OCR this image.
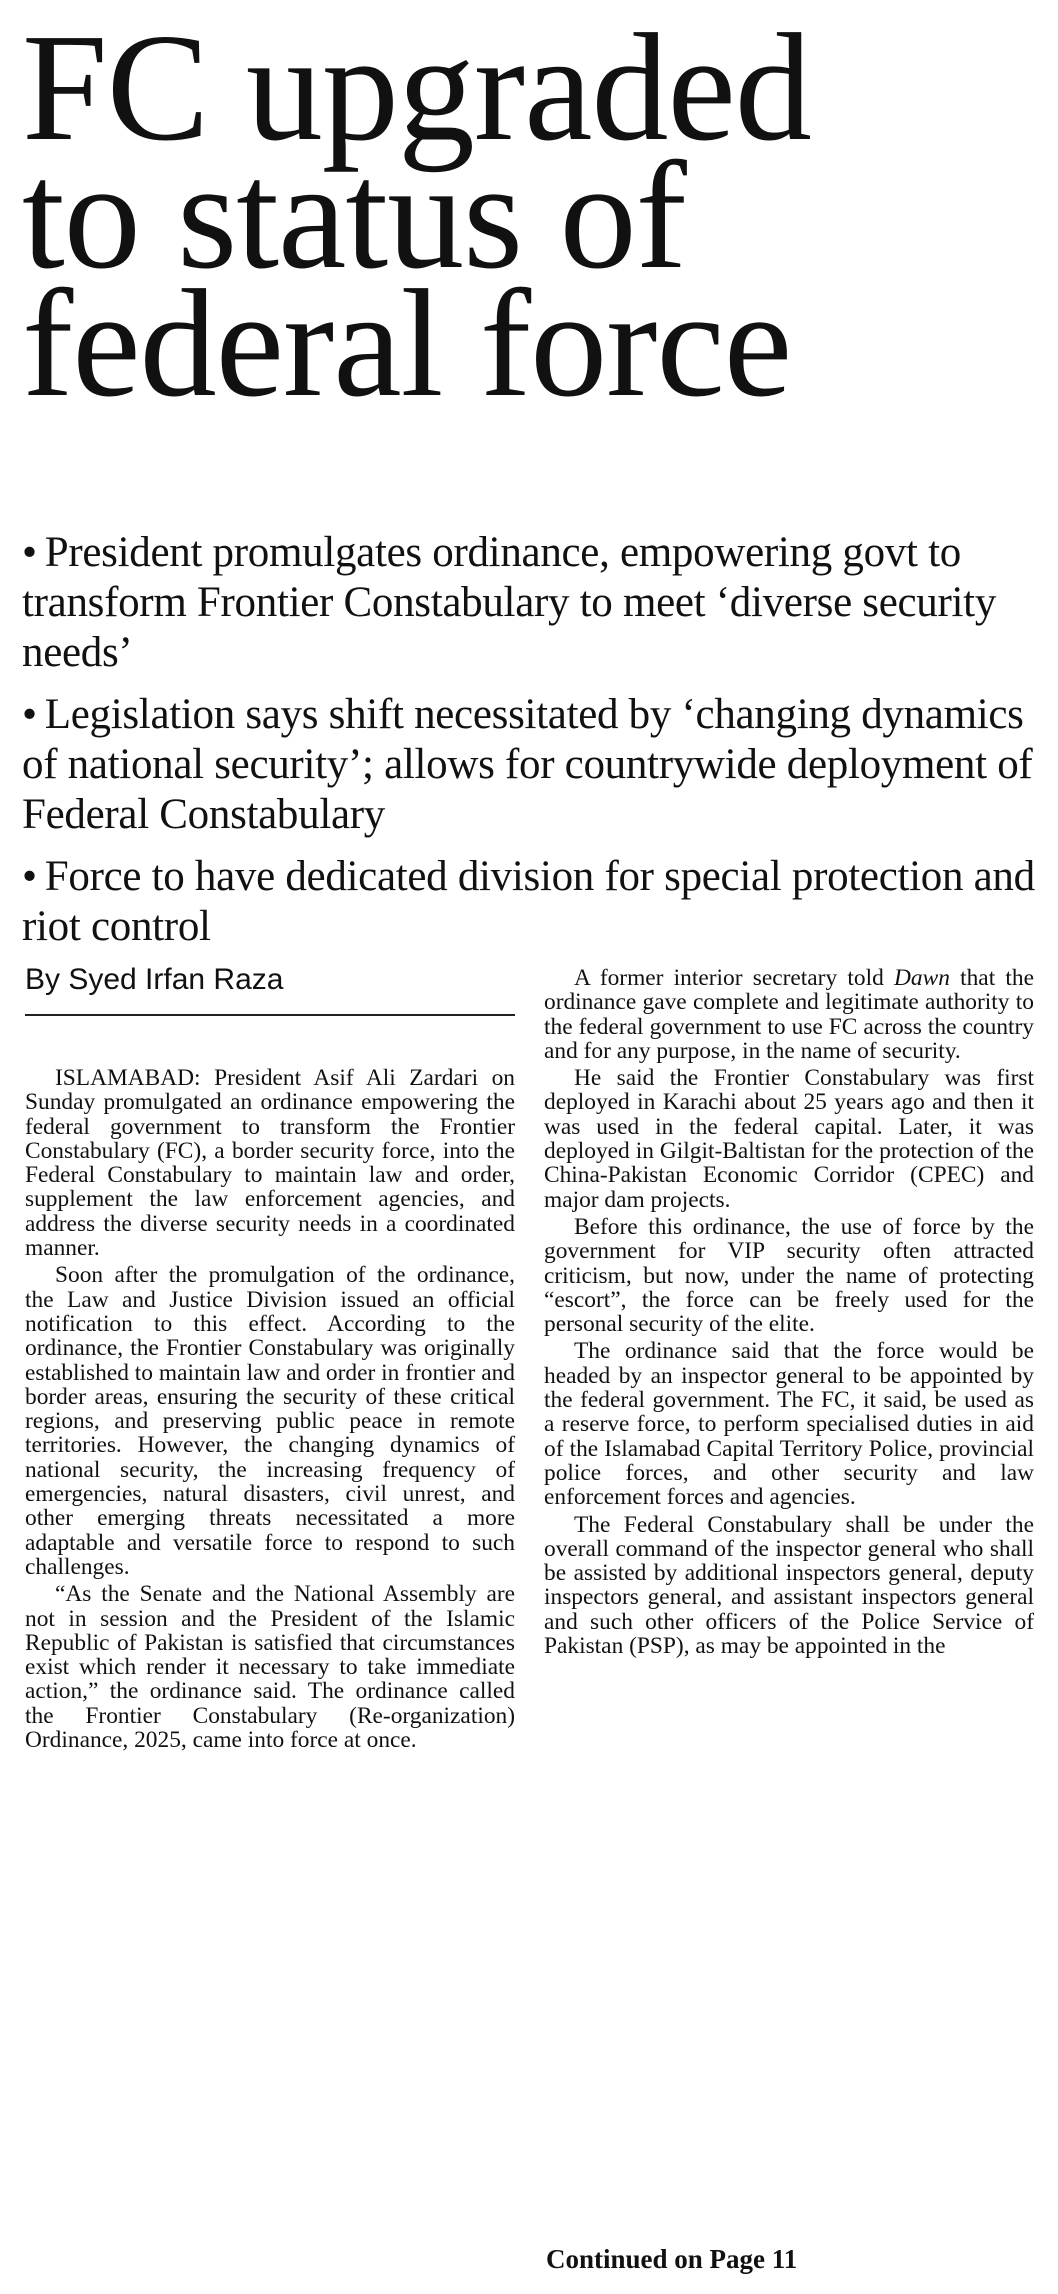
FC upgraded
to status of
federal force
• President promulgates ordinance, empowering govt to transform Frontier Constabulary to meet ‘diverse security needs’
• Legislation says shift necessitated by ‘changing dynamics of national security’; allows for countrywide deployment of Federal Constabulary
• Force to have dedicated division for special protection and riot control
By Syed Irfan Raza

ISLAMABAD: President Asif Ali Zardari on Sunday promulgated an ordinance empowering the federal government to transform the Frontier Constabulary (FC), a border security force, into the Federal Constabulary to maintain law and order, supplement the law enforcement agencies, and address the diverse security needs in a coordinated manner.

Soon after the promulgation of the ordinance, the Law and Justice Division issued an official notification to this effect. According to the ordinance, the Frontier Constabulary was originally established to maintain law and order in frontier and border areas, ensuring the security of these critical regions, and preserving public peace in remote territories. However, the changing dynamics of national security, the increasing frequency of emergencies, natural disasters, civil unrest, and other emerging threats necessitated a more adaptable and versatile force to respond to such challenges.

“As the Senate and the National Assembly are not in session and the President of the Islamic Republic of Pakistan is satisfied that circumstances exist which render it necessary to take immediate action,” the ordinance said. The ordinance called the Frontier Constabulary (Re-organization) Ordinance, 2025, came into force at once.

A former interior secretary told Dawn that the ordinance gave complete and legitimate authority to the federal government to use FC across the country and for any purpose, in the name of security.

He said the Frontier Constabulary was first deployed in Karachi about 25 years ago and then it was used in the federal capital. Later, it was deployed in Gilgit-Baltistan for the protection of the China-Pakistan Economic Corridor (CPEC) and major dam projects.

Before this ordinance, the use of force by the government for VIP security often attracted criticism, but now, under the name of protecting “escort”, the force can be freely used for the personal security of the elite.

The ordinance said that the force would be headed by an inspector general to be appointed by the federal government. The FC, it said, be used as a reserve force, to perform specialised duties in aid of the Islamabad Capital Territory Police, provincial police forces, and other security and law enforcement forces and agencies.

The Federal Constabulary shall be under the overall command of the inspector general who shall be assisted by additional inspectors general, deputy inspectors general, and assistant inspectors general and such other officers of the Police Service of Pakistan (PSP), as may be appointed in the

Continued on Page 11
